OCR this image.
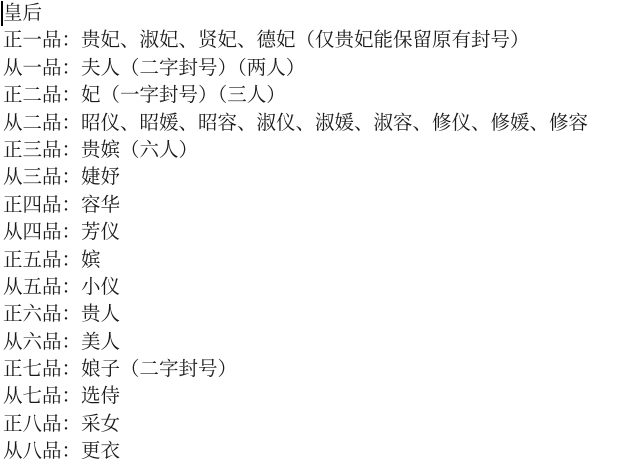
皇后
正一品：贵妃、淑妃、贤妃、德妃（仅贵妃能保留原有封号）
从一品：夫人（二字封号）（两人）
正二品：妃（一字封号）（三人）
从二品：昭仪、昭媛、昭容、淑仪、淑媛、淑容、修仪、修媛、修容
正三品：贵嫔（六人）
从三品：婕妤
正四品：容华
从四品：芳仪
正五品：嫔
从五品：小仪
正六品：贵人
从六品：美人
正七品：娘子（二字封号）
从七品：选侍
正八品：采女
从八品：更衣
